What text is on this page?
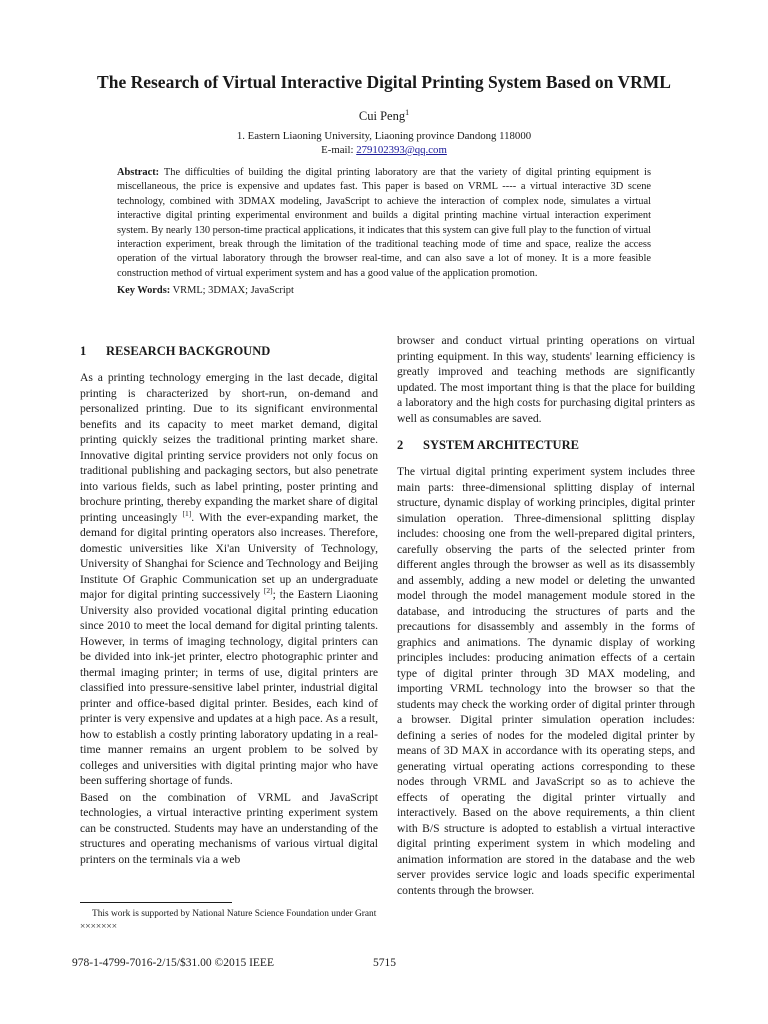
The Research of Virtual Interactive Digital Printing System Based on VRML
Cui Peng$^1$
1. Eastern Liaoning University, Liaoning province Dandong 118000
E-mail: 279102393@qq.com

Abstract: The difficulties of building the digital printing laboratory are that the variety of digital printing equipment is miscellaneous, the price is expensive and updates fast. This paper is based on VRML ---- a virtual interactive 3D scene technology, combined with 3DMAX modeling, JavaScript to achieve the interaction of complex node, simulates a virtual interactive digital printing experimental environment and builds a digital printing machine virtual interaction experiment system. By nearly 130 person-time practical applications, it indicates that this system can give full play to the function of virtual interaction experiment, break through the limitation of the traditional teaching mode of time and space, realize the access operation of the virtual laboratory through the browser real-time, and can also save a lot of money. It is a more feasible construction method of virtual experiment system and has a good value of the application promotion.

Key Words: VRML; 3DMAX; JavaScript

1	RESEARCH BACKGROUND

As a printing technology emerging in the last decade, digital printing is characterized by short-run, on-demand and personalized printing. Due to its significant environmental benefits and its capacity to meet market demand, digital printing quickly seizes the traditional printing market share. Innovative digital printing service providers not only focus on traditional publishing and packaging sectors, but also penetrate into various fields, such as label printing, poster printing and brochure printing, thereby expanding the market share of digital printing unceasingly [1]. With the ever-expanding market, the demand for digital printing operators also increases. Therefore, domestic universities like Xi'an University of Technology, University of Shanghai for Science and Technology and Beijing Institute Of Graphic Communication set up an undergraduate major for digital printing successively [2]; the Eastern Liaoning University also provided vocational digital printing education since 2010 to meet the local demand for digital printing talents. However, in terms of imaging technology, digital printers can be divided into ink-jet printer, electro photographic printer and thermal imaging printer; in terms of use, digital printers are classified into pressure-sensitive label printer, industrial digital printer and office-based digital printer. Besides, each kind of printer is very expensive and updates at a high pace. As a result, how to establish a costly printing laboratory updating in a real-time manner remains an urgent problem to be solved by colleges and universities with digital printing major who have been suffering shortage of funds.

Based on the combination of VRML and JavaScript technologies, a virtual interactive printing experiment system can be constructed. Students may have an understanding of the structures and operating mechanisms of various virtual digital printers on the terminals via a web

browser and conduct virtual printing operations on virtual printing equipment. In this way, students' learning efficiency is greatly improved and teaching methods are significantly updated. The most important thing is that the place for building a laboratory and the high costs for purchasing digital printers as well as consumables are saved.

2	SYSTEM ARCHITECTURE

The virtual digital printing experiment system includes three main parts: three-dimensional splitting display of internal structure, dynamic display of working principles, digital printer simulation operation. Three-dimensional splitting display includes: choosing one from the well-prepared digital printers, carefully observing the parts of the selected printer from different angles through the browser as well as its disassembly and assembly, adding a new model or deleting the unwanted model through the model management module stored in the database, and introducing the structures of parts and the precautions for disassembly and assembly in the forms of graphics and animations. The dynamic display of working principles includes: producing animation effects of a certain type of digital printer through 3D MAX modeling, and importing VRML technology into the browser so that the students may check the working order of digital printer through a browser. Digital printer simulation operation includes: defining a series of nodes for the modeled digital printer by means of 3D MAX in accordance with its operating steps, and generating virtual operating actions corresponding to these nodes through VRML and JavaScript so as to achieve the effects of operating the digital printer virtually and interactively. Based on the above requirements, a thin client with B/S structure is adopted to establish a virtual interactive digital printing experiment system in which modeling and animation information are stored in the database and the web server provides service logic and loads specific experimental contents through the browser.

This work is supported by National Nature Science Foundation under Grant ×××××××

978-1-4799-7016-2/15/$31.00 ©2015 IEEE	5715
